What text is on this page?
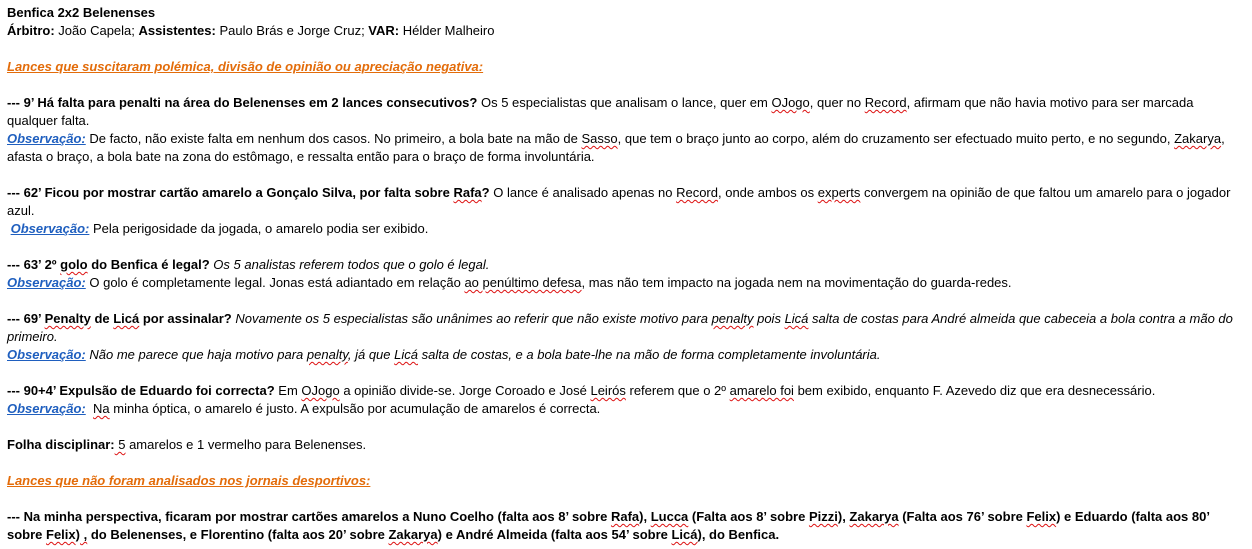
Benfica 2x2 Belenenses
Árbitro: João Capela; Assistentes: Paulo Brás e Jorge Cruz; VAR: Hélder Malheiro
Lances que suscitaram polémica, divisão de opinião ou apreciação negativa:
--- 9’ Há falta para penalti na área do Belenenses em 2 lances consecutivos? Os 5 especialistas que analisam o lance, quer em OJogo, quer no Record, afirmam que não havia motivo para ser marcada qualquer falta.
Observação: De facto, não existe falta em nenhum dos casos. No primeiro, a bola bate na mão de Sasso, que tem o braço junto ao corpo, além do cruzamento ser efectuado muito perto, e no segundo, Zakarya, afasta o braço, a bola bate na zona do estômago, e ressalta então para o braço de forma involuntária.
--- 62’ Ficou por mostrar cartão amarelo a Gonçalo Silva, por falta sobre Rafa? O lance é analisado apenas no Record, onde ambos os experts convergem na opinião de que faltou um amarelo para o jogador azul.
Observação: Pela perigosidade da jogada, o amarelo podia ser exibido.
--- 63’ 2º golo do Benfica é legal? Os 5 analistas referem todos que o golo é legal.
Observação: O golo é completamente legal. Jonas está adiantado em relação ao penúltimo defesa, mas não tem impacto na jogada nem na movimentação do guarda-redes.
--- 69’ Penalty de Licá por assinalar? Novamente os 5 especialistas são unânimes ao referir que não existe motivo para penalty pois Licá salta de costas para André almeida que cabeceia a bola contra a mão do primeiro.
Observação: Não me parece que haja motivo para penalty, já que Licá salta de costas, e a bola bate-lhe na mão de forma completamente involuntária.
--- 90+4’ Expulsão de Eduardo foi correcta? Em OJogo a opinião divide-se. Jorge Coroado e José Leirós referem que o 2º amarelo foi bem exibido, enquanto F. Azevedo diz que era desnecessário.
Observação: Na minha óptica, o amarelo é justo. A expulsão por acumulação de amarelos é correcta.
Folha disciplinar: 5 amarelos e 1 vermelho para Belenenses.
Lances que não foram analisados nos jornais desportivos:
--- Na minha perspectiva, ficaram por mostrar cartões amarelos a Nuno Coelho (falta aos 8’ sobre Rafa), Lucca (Falta aos 8’ sobre Pizzi), Zakarya (Falta aos 76’ sobre Felix) e Eduardo (falta aos 80’ sobre Felix) , do Belenenses, e Florentino (falta aos 20’ sobre Zakarya) e André Almeida (falta aos 54’ sobre Licá), do Benfica.
